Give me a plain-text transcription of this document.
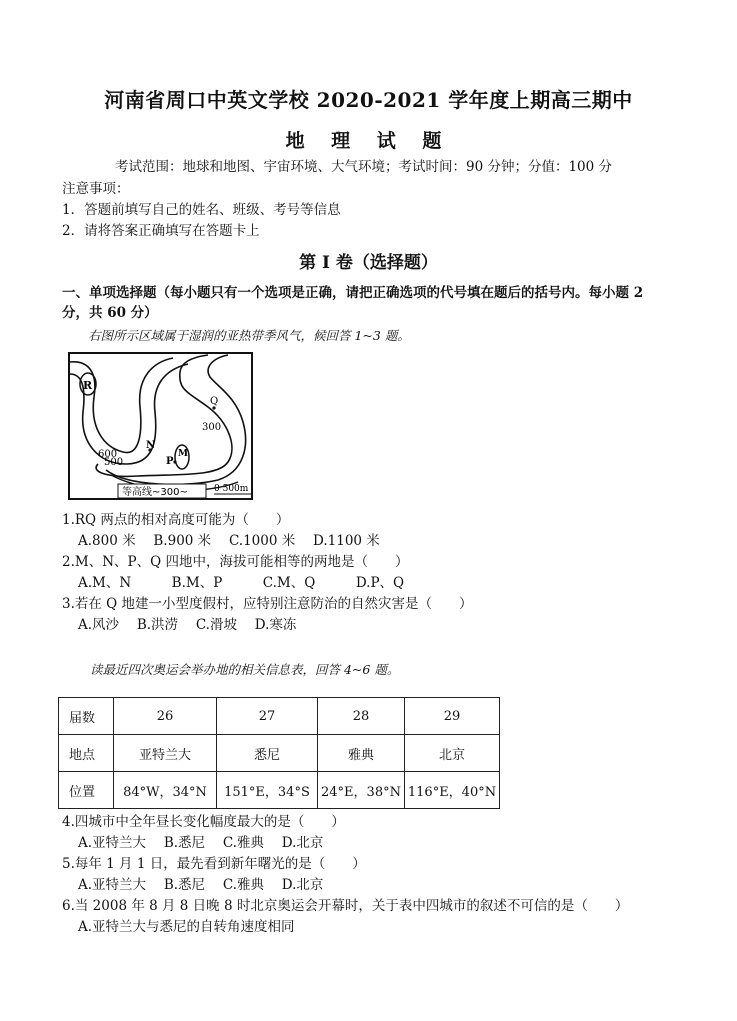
河南省周口中英文学校 2020-2021 学年度上期高三期中
地 理 试 题
考试范围：地球和地图、宇宙环境、大气环境；考试时间：90 分钟；分值：100 分
注意事项：
1．答题前填写自己的姓名、班级、考号等信息
2．请将答案正确填写在答题卡上
第 I 卷（选择题）
一、单项选择题（每小题只有一个选项是正确，请把正确选项的代号填在题后的括号内。每小题 2
分，共 60 分）
右图所示区域属于湿润的亚热带季风气，候回答 1~3 题。
R
Q
N
M
P
600
500
300
等高线~300~	0 500m
1.RQ 两点的相对高度可能为（　　）
A.800 米　 B.900 米　 C.1000 米　 D.1100 米
2.M、N、P、Q 四地中，海拔可能相等的两地是（　　）
A.M、N　　　B.M、P　　　C.M、Q　　　D.P、Q
3.若在 Q 地建一小型度假村，应特别注意防治的自然灾害是（　　）
A.风沙　 B.洪涝　 C.滑坡　 D.寒冻
读最近四次奥运会举办地的相关信息表，回答 4~6 题。
届数	26	27	28	29
地点	亚特兰大	悉尼	雅典	北京
位置	84°W，34°N	151°E，34°S	24°E，38°N	116°E，40°N
4.四城市中全年昼长变化幅度最大的是（　　）
A.亚特兰大　 B.悉尼　 C.雅典　 D.北京
5.每年 1 月 1 日，最先看到新年曙光的是（　　）
A.亚特兰大　 B.悉尼　 C.雅典　 D.北京
6.当 2008 年 8 月 8 日晚 8 时北京奥运会开幕时，关于表中四城市的叙述不可信的是（　　）
A.亚特兰大与悉尼的自转角速度相同
